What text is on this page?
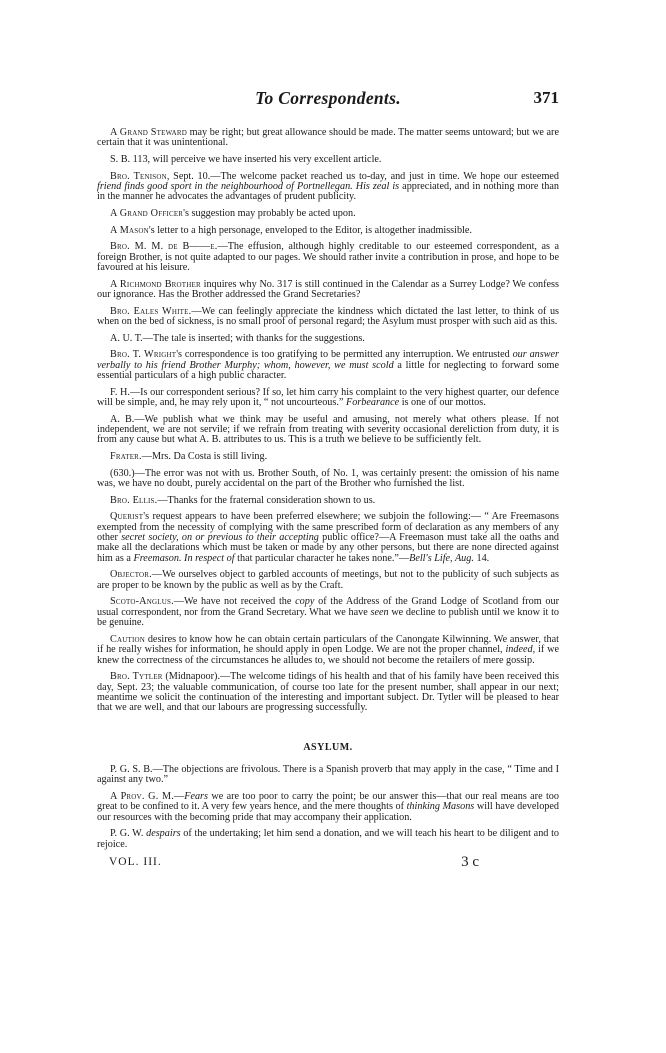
To Correspondents.	371

A Grand Steward may be right; but great allowance should be made. The matter seems untoward; but we are certain that it was unintentional.

S. B. 113, will perceive we have inserted his very excellent article.

Bro. Tenison, Sept. 10.—The welcome packet reached us to-day, and just in time. We hope our esteemed friend finds good sport in the neighbourhood of Portnellegan. His zeal is appreciated, and in nothing more than in the manner he advocates the advantages of prudent publicity.

A Grand Officer's suggestion may probably be acted upon.

A Mason's letter to a high personage, enveloped to the Editor, is altogether inadmissible.

Bro. M. M. de B——e.—The effusion, although highly creditable to our esteemed correspondent, as a foreign Brother, is not quite adapted to our pages. We should rather invite a contribution in prose, and hope to be favoured at his leisure.

A Richmond Brother inquires why No. 317 is still continued in the Calendar as a Surrey Lodge? We confess our ignorance. Has the Brother addressed the Grand Secretaries?

Bro. Eales White.—We can feelingly appreciate the kindness which dictated the last letter, to think of us when on the bed of sickness, is no small proof of personal regard; the Asylum must prosper with such aid as this.

A. U. T.—The tale is inserted; with thanks for the suggestions.

Bro. T. Wright's correspondence is too gratifying to be permitted any interruption. We entrusted our answer verbally to his friend Brother Murphy; whom, however, we must scold a little for neglecting to forward some essential particulars of a high public character.

F. H.—Is our correspondent serious? If so, let him carry his complaint to the very highest quarter, our defence will be simple, and, he may rely upon it, “ not uncourteous.” Forbearance is one of our mottos.

A. B.—We publish what we think may be useful and amusing, not merely what others please. If not independent, we are not servile; if we refrain from treating with severity occasional dereliction from duty, it is from any cause but what A. B. attributes to us. This is a truth we believe to be sufficiently felt.

Frater.—Mrs. Da Costa is still living.

(630.)—The error was not with us. Brother South, of No. 1, was certainly present: the omission of his name was, we have no doubt, purely accidental on the part of the Brother who furnished the list.

Bro. Ellis.—Thanks for the fraternal consideration shown to us.

Querist's request appears to have been preferred elsewhere; we subjoin the following:— “ Are Freemasons exempted from the necessity of complying with the same prescribed form of declaration as any members of any other secret society, on or previous to their accepting public office?—A Freemason must take all the oaths and make all the declarations which must be taken or made by any other persons, but there are none directed against him as a Freemason. In respect of that particular character he takes none.”—Bell's Life, Aug. 14.

Objector.—We ourselves object to garbled accounts of meetings, but not to the publicity of such subjects as are proper to be known by the public as well as by the Craft.

Scoto-Anglus.—We have not received the copy of the Address of the Grand Lodge of Scotland from our usual correspondent, nor from the Grand Secretary. What we have seen we decline to publish until we know it to be genuine.

Caution desires to know how he can obtain certain particulars of the Canongate Kilwinning. We answer, that if he really wishes for information, he should apply in open Lodge. We are not the proper channel, indeed, if we knew the correctness of the circumstances he alludes to, we should not become the retailers of mere gossip.

Bro. Tytler (Midnapoor).—The welcome tidings of his health and that of his family have been received this day, Sept. 23; the valuable communication, of course too late for the present number, shall appear in our next; meantime we solicit the continuation of the interesting and important subject. Dr. Tytler will be pleased to hear that we are well, and that our labours are progressing successfully.

ASYLUM.

P. G. S. B.—The objections are frivolous. There is a Spanish proverb that may apply in the case, “ Time and I against any two.”

A Prov. G. M.—Fears we are too poor to carry the point; be our answer this—that our real means are too great to be confined to it. A very few years hence, and the mere thoughts of thinking Masons will have developed our resources with the becoming pride that may accompany their application.

P. G. W. despairs of the undertaking; let him send a donation, and we will teach his heart to be diligent and to rejoice.

VOL. III.	3 c
